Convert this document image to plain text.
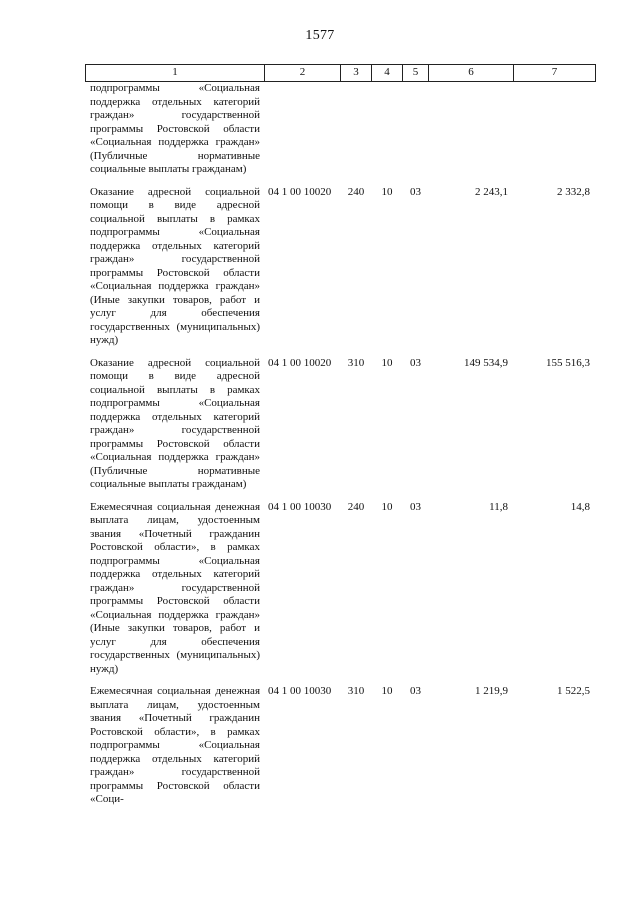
1577
1	2	3	4	5	6	7
подпрограммы «Социальная поддержка отдельных категорий граждан» государственной программы Ростовской области «Социальная поддержка граждан» (Публичные нормативные социальные выплаты гражданам)						
Оказание адресной социальной помощи в виде адресной социальной выплаты в рамках подпрограммы «Социальная поддержка отдельных категорий граждан» государственной программы Ростовской области «Социальная поддержка граждан» (Иные закупки товаров, работ и услуг для обеспечения государственных (муниципальных) нужд)	04 1 00 10020	240	10	03	2 243,1	2 332,8
Оказание адресной социальной помощи в виде адресной социальной выплаты в рамках подпрограммы «Социальная поддержка отдельных категорий граждан» государственной программы Ростовской области «Социальная поддержка граждан» (Публичные нормативные социальные выплаты гражданам)	04 1 00 10020	310	10	03	149 534,9	155 516,3
Ежемесячная социальная денежная выплата лицам, удостоенным звания «Почетный гражданин Ростовской области», в рамках подпрограммы «Социальная поддержка отдельных категорий граждан» государственной программы Ростовской области «Социальная поддержка граждан» (Иные закупки товаров, работ и услуг для обеспечения государственных (муниципальных) нужд)	04 1 00 10030	240	10	03	11,8	14,8
Ежемесячная социальная денежная выплата лицам, удостоенным звания «Почетный гражданин Ростовской области», в рамках подпрограммы «Социальная поддержка отдельных категорий граждан» государственной программы Ростовской области «Соци-	04 1 00 10030	310	10	03	1 219,9	1 522,5
